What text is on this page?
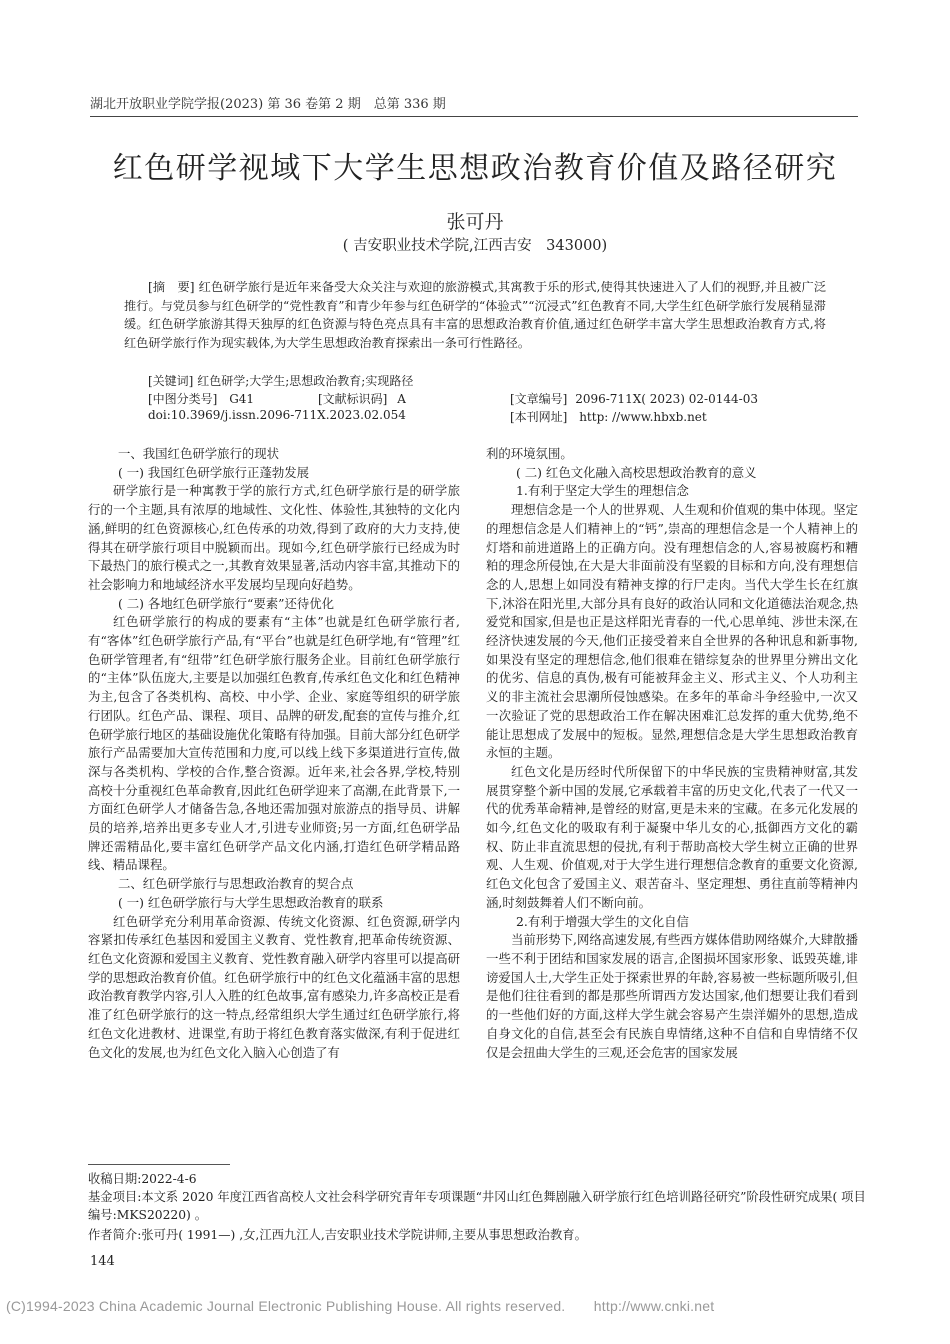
湖北开放职业学院学报(2023) 第 36 卷第 2 期　总第 336 期
红色研学视域下大学生思想政治教育价值及路径研究
张可丹
( 吉安职业技术学院,江西吉安　343000)
[摘　要] 红色研学旅行是近年来备受大众关注与欢迎的旅游模式,其寓教于乐的形式,使得其快速进入了人们的视野,并且被广泛推行。与党员参与红色研学的“党性教育”和青少年参与红色研学的“体验式”“沉浸式”红色教育不同,大学生红色研学旅行发展稍显滞缓。红色研学旅游其得天独厚的红色资源与特色亮点具有丰富的思想政治教育价值,通过红色研学丰富大学生思想政治教育方式,将红色研学旅行作为现实载体,为大学生思想政治教育探索出一条可行性路径。
[关键词] 红色研学;大学生;思想政治教育;实现路径
[中图分类号] G41	[文献标识码] A	[文章编号] 2096-711X( 2023) 02-0144-03
doi:10.3969/j.issn.2096-711X.2023.02.054	[本刊网址] http: //www.hbxb.net

一、我国红色研学旅行的现状

( 一) 我国红色研学旅行正蓬勃发展

研学旅行是一种寓教于学的旅行方式,红色研学旅行是的研学旅行的一个主题,具有浓厚的地域性、文化性、体验性,其独特的文化内涵,鲜明的红色资源核心,红色传承的功效,得到了政府的大力支持,使得其在研学旅行项目中脱颖而出。现如今,红色研学旅行已经成为时下最热门的旅行模式之一,其教育效果显著,活动内容丰富,其推动下的社会影响力和地域经济水平发展均呈现向好趋势。

( 二) 各地红色研学旅行“要素”还待优化

红色研学旅行的构成的要素有“主体”也就是红色研学旅行者,有“客体”红色研学旅行产品,有“平台”也就是红色研学地,有“管理”红色研学管理者,有“纽带”红色研学旅行服务企业。目前红色研学旅行的“主体”队伍庞大,主要是以加强红色教育,传承红色文化和红色精神为主,包含了各类机构、高校、中小学、企业、家庭等组织的研学旅行团队。红色产品、课程、项目、品牌的研发,配套的宣传与推介,红色研学旅行地区的基础设施优化策略有待加强。目前大部分红色研学旅行产品需要加大宣传范围和力度,可以线上线下多渠道进行宣传,做深与各类机构、学校的合作,整合资源。近年来,社会各界,学校,特别高校十分重视红色革命教育,因此红色研学迎来了高潮,在此背景下,一方面红色研学人才储备告急,各地还需加强对旅游点的指导员、讲解员的培养,培养出更多专业人才,引进专业师资;另一方面,红色研学品牌还需精品化,要丰富红色研学产品文化内涵,打造红色研学精品路线、精品课程。

二、红色研学旅行与思想政治教育的契合点

( 一) 红色研学旅行与大学生思想政治教育的联系

红色研学充分利用革命资源、传统文化资源、红色资源,研学内容紧扣传承红色基因和爱国主义教育、党性教育,把革命传统资源、红色文化资源和爱国主义教育、党性教育融入研学内容里可以提高研学的思想政治教育价值。红色研学旅行中的红色文化蕴涵丰富的思想政治教育教学内容,引人入胜的红色故事,富有感染力,许多高校正是看准了红色研学旅行的这一特点,经常组织大学生通过红色研学旅行,将红色文化进教材、进课堂,有助于将红色教育落实做深,有利于促进红色文化的发展,也为红色文化入脑入心创造了有

利的环境氛围。

( 二) 红色文化融入高校思想政治教育的意义

1.有利于坚定大学生的理想信念

理想信念是一个人的世界观、人生观和价值观的集中体现。坚定的理想信念是人们精神上的“钙”,崇高的理想信念是一个人精神上的灯塔和前进道路上的正确方向。没有理想信念的人,容易被腐朽和糟粕的理念所侵蚀,在大是大非面前没有坚毅的目标和方向,没有理想信念的人,思想上如同没有精神支撑的行尸走肉。当代大学生长在红旗下,沐浴在阳光里,大部分具有良好的政治认同和文化道德法治观念,热爱党和国家,但是也正是这样阳光青春的一代,心思单纯、涉世未深,在经济快速发展的今天,他们正接受着来自全世界的各种讯息和新事物,如果没有坚定的理想信念,他们很难在错综复杂的世界里分辨出文化的优劣、信息的真伪,极有可能被拜金主义、形式主义、个人功利主义的非主流社会思潮所侵蚀感染。在多年的革命斗争经验中,一次又一次验证了党的思想政治工作在解决困难汇总发挥的重大优势,绝不能让思想成了发展中的短板。显然,理想信念是大学生思想政治教育永恒的主题。

红色文化是历经时代所保留下的中华民族的宝贵精神财富,其发展贯穿整个新中国的发展,它承载着丰富的历史文化,代表了一代又一代的优秀革命精神,是曾经的财富,更是未来的宝藏。在多元化发展的如今,红色文化的吸取有利于凝聚中华儿女的心,抵御西方文化的霸权、防止非直流思想的侵扰,有利于帮助高校大学生树立正确的世界观、人生观、价值观,对于大学生进行理想信念教育的重要文化资源,红色文化包含了爱国主义、艰苦奋斗、坚定理想、勇往直前等精神内涵,时刻鼓舞着人们不断向前。

2.有利于增强大学生的文化自信

当前形势下,网络高速发展,有些西方媒体借助网络媒介,大肆散播一些不利于团结和国家发展的语言,企图损坏国家形象、诋毁英雄,诽谤爱国人士,大学生正处于探索世界的年龄,容易被一些标题所吸引,但是他们往往看到的都是那些所谓西方发达国家,他们想要让我们看到的一些他们好的方面,这样大学生就会容易产生崇洋媚外的思想,造成自身文化的自信,甚至会有民族自卑情绪,这种不自信和自卑情绪不仅仅是会扭曲大学生的三观,还会危害的国家发展

收稿日期:2022-4-6
基金项目:本文系 2020 年度江西省高校人文社会科学研究青年专项课题“井冈山红色舞剧融入研学旅行红色培训路径研究”阶段性研究成果( 项目编号:MKS20220) 。
作者简介:张可丹( 1991—) ,女,江西九江人,吉安职业技术学院讲师,主要从事思想政治教育。
144
(C)1994-2023 China Academic Journal Electronic Publishing House. All rights reserved.　　http://www.cnki.net
